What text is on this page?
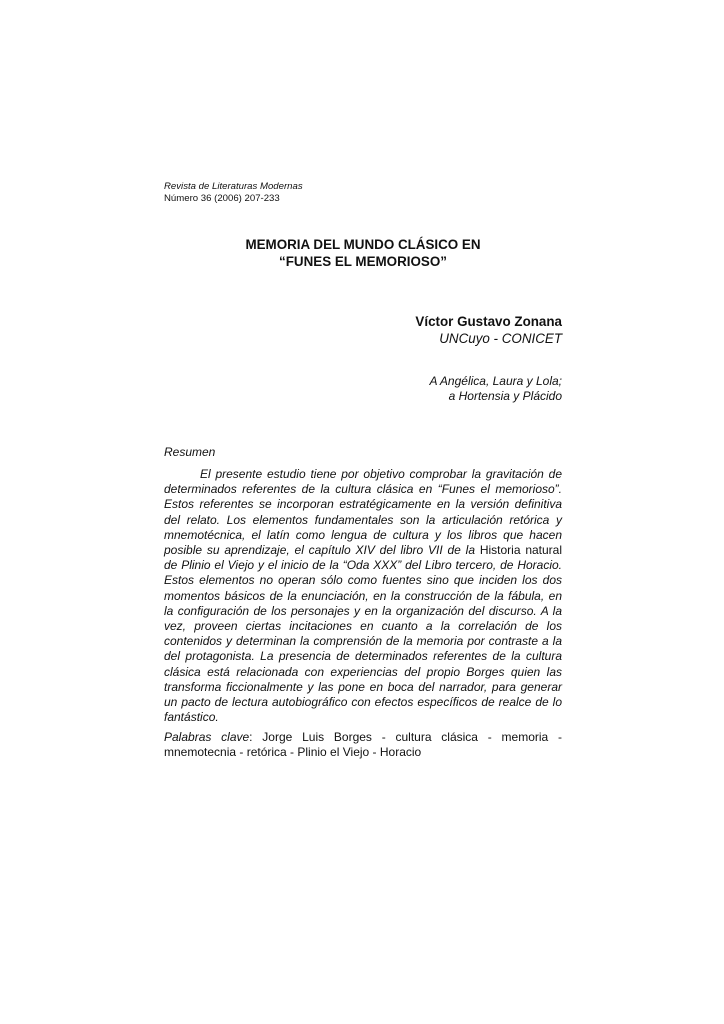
Revista de Literaturas Modernas
Número 36 (2006) 207-233
MEMORIA DEL MUNDO CLÁSICO EN
“FUNES EL MEMORIOSO”
Víctor Gustavo Zonana
UNCuyo - CONICET
A Angélica, Laura y Lola;
a Hortensia y Plácido
Resumen
El presente estudio tiene por objetivo comprobar la gravitación de
determinados referentes de la cultura clásica en “Funes el memorioso”.
Estos referentes se incorporan estratégicamente en la versión definitiva
del relato. Los elementos fundamentales son la articulación retórica y
mnemotécnica, el latín como lengua de cultura y los libros que hacen
posible su aprendizaje, el capítulo XIV del libro VII de la Historia natural
de Plinio el Viejo y el inicio de la “Oda XXX” del Libro tercero, de Horacio.
Estos elementos no operan sólo como fuentes sino que inciden los dos
momentos básicos de la enunciación, en la construcción de la fábula, en
la configuración de los personajes y en la organización del discurso. A la
vez, proveen ciertas incitaciones en cuanto a la correlación de los
contenidos y determinan la comprensión de la memoria por contraste a la
del protagonista. La presencia de determinados referentes de la cultura
clásica está relacionada con experiencias del propio Borges quien las
transforma ficcionalmente y las pone en boca del narrador, para generar
un pacto de lectura autobiográfico con efectos específicos de realce de lo
fantástico.
Palabras clave: Jorge Luis Borges - cultura clásica - memoria -
mnemotecnia - retórica - Plinio el Viejo - Horacio
